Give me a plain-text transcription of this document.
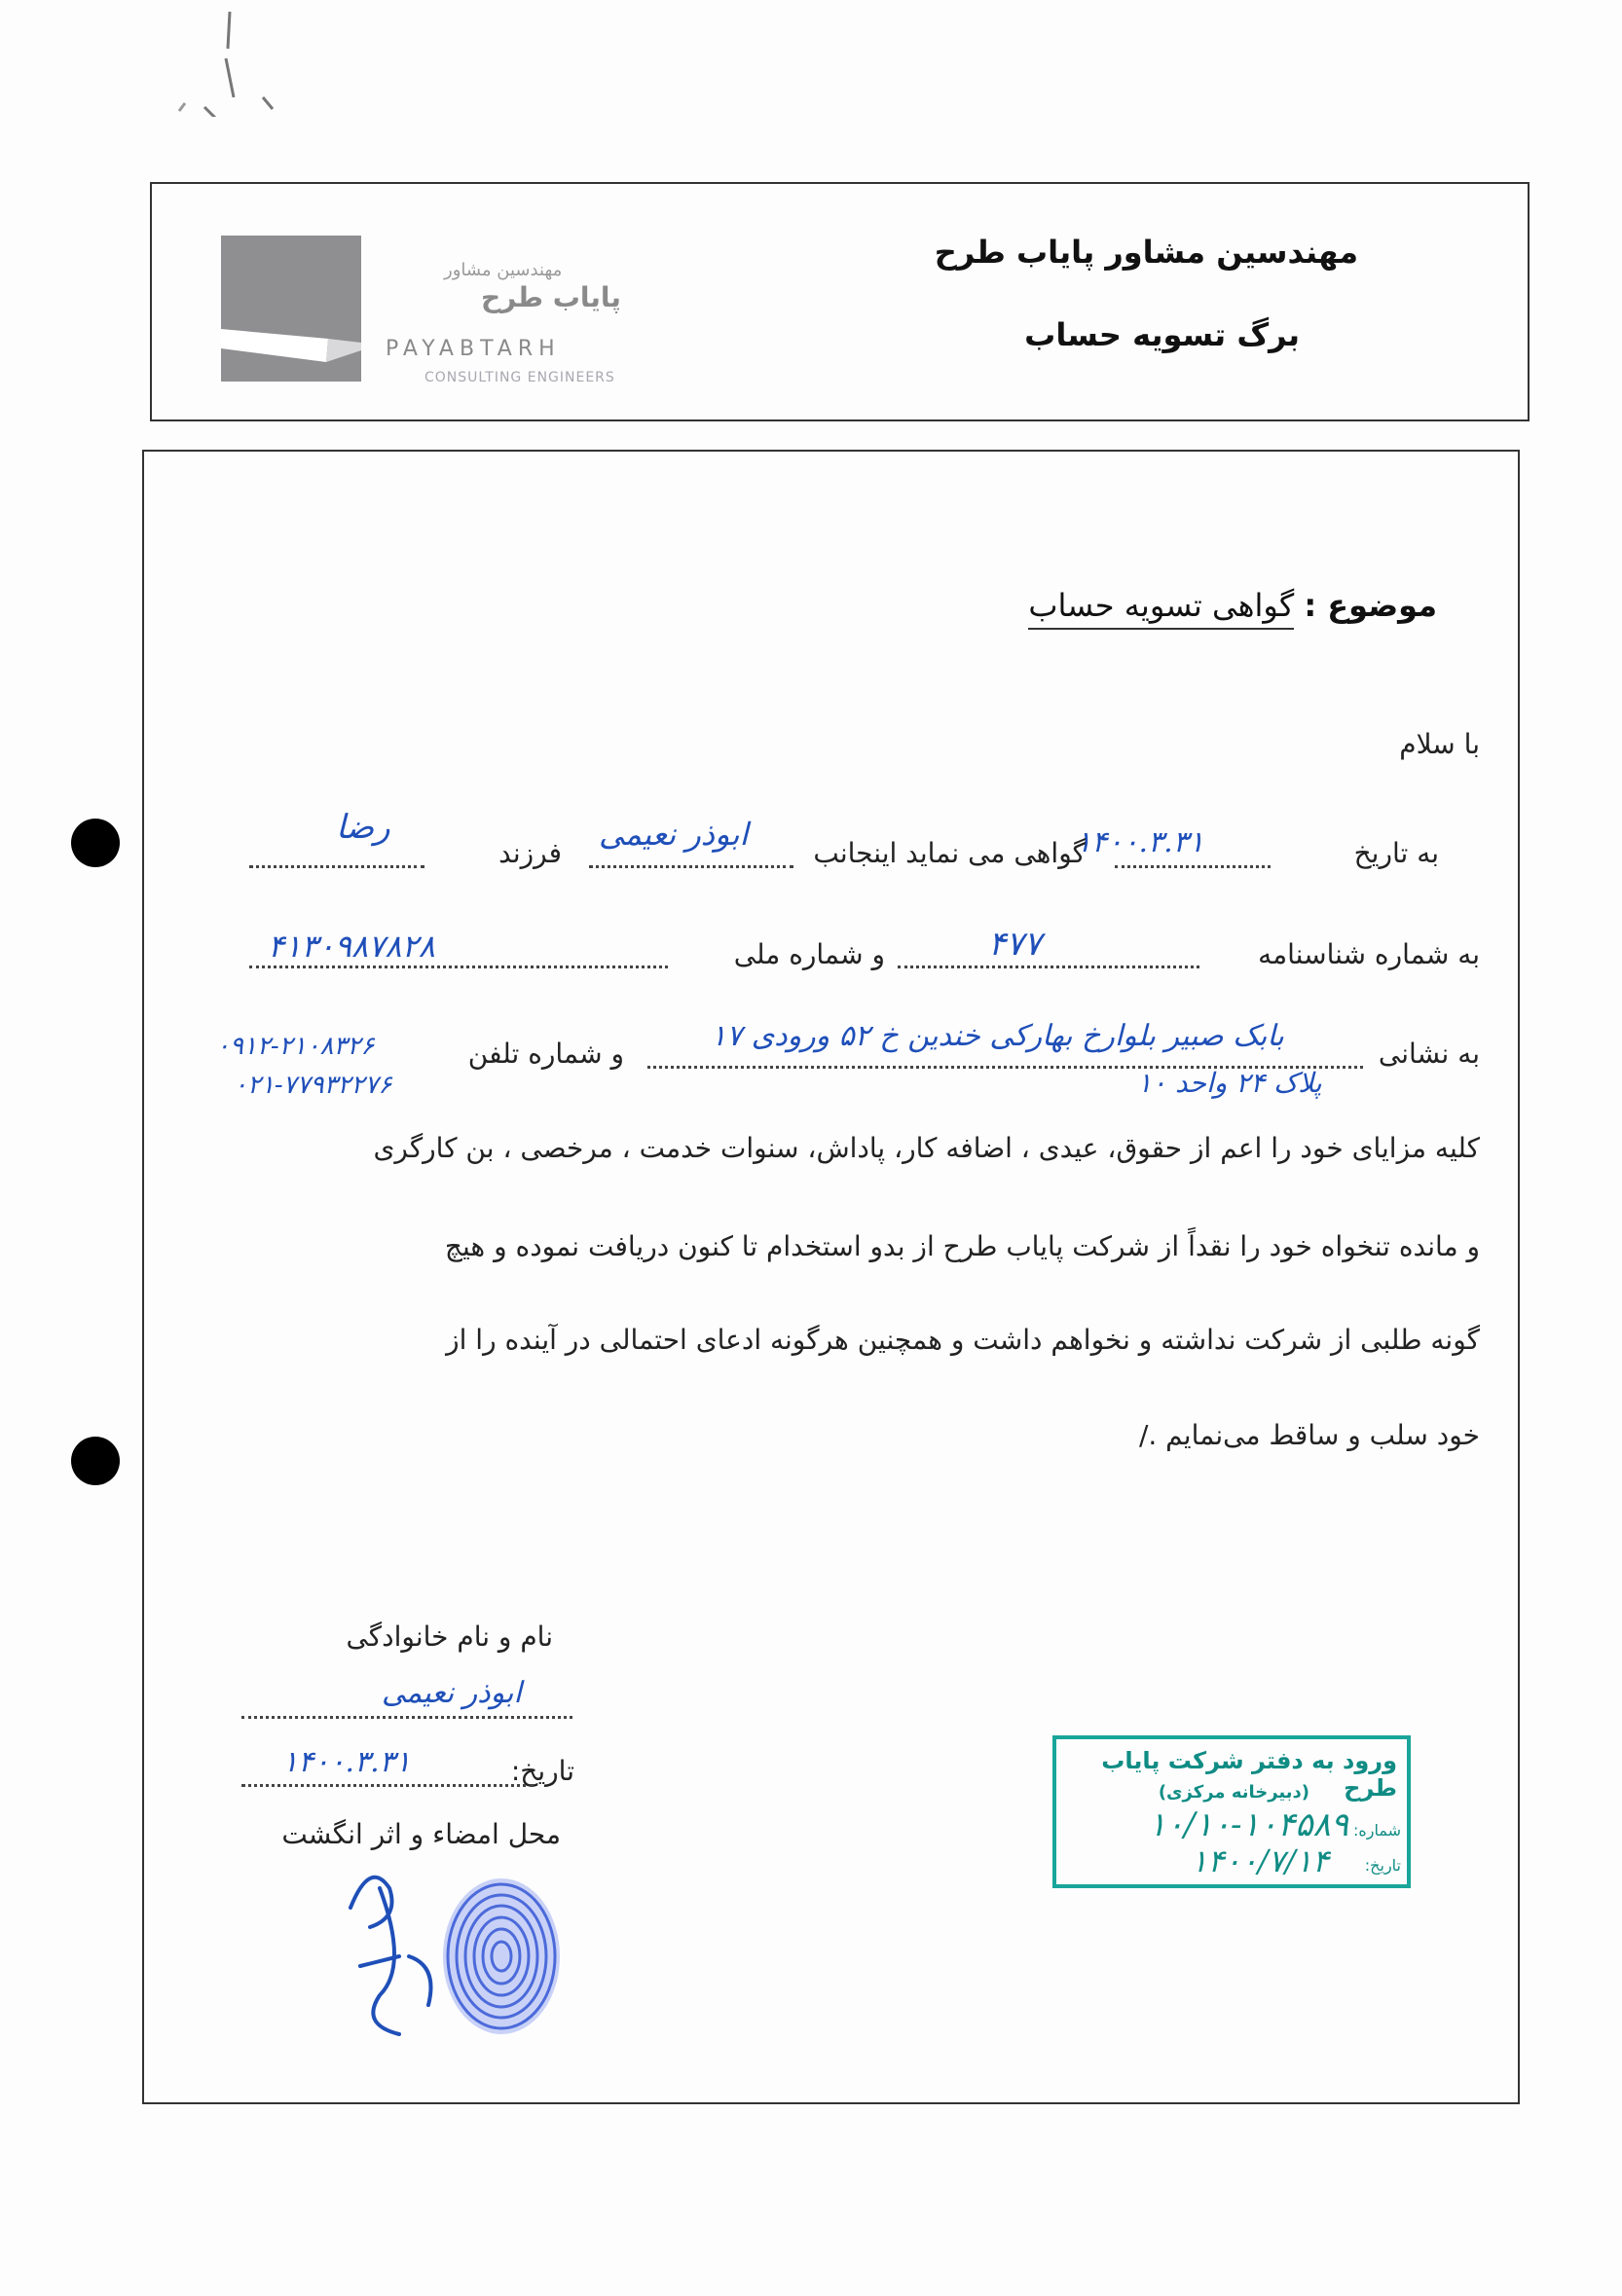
مهندسین مشاور پایاب طرح
برگ تسویه حساب
مهندسین مشاور
پایاب طرح
PAYABTARH
CONSULTING ENGINEERS
موضوع : گواهی تسویه حساب
با سلام
به تاریخ
۱۴۰۰.۳.۳۱
گواهی می نماید اینجانب
ابوذر نعیمی
فرزند
رضا
به شماره شناسنامه
۴۷۷
و شماره ملی
۴۱۳۰۹۸۷۸۲۸
به نشانی
بابک صبیر بلوارخ بهارکی خندین خ ۵۲ ورودی ۱۷
پلاک ۲۴ واحد ۱۰
و شماره تلفن
۰۹۱۲-۲۱۰۸۳۲۶
۰۲۱-۷۷۹۳۲۲۷۶
کلیه مزایای خود را اعم از حقوق، عیدی ، اضافه کار، پاداش، سنوات خدمت ، مرخصی ، بن کارگری
و مانده تنخواه خود را نقداً از شرکت پایاب طرح از بدو استخدام تا کنون دریافت نموده و هیچ
گونه طلبی از شرکت نداشته و نخواهم داشت و همچنین هرگونه ادعای احتمالی در آینده را از
خود سلب و ساقط می‌نمایم ./
نام و نام خانوادگی
ابوذر نعیمی
تاریخ:
۱۴۰۰.۳.۳۱
محل امضاء و اثر انگشت
ورود به دفتر شرکت پایاب طرح
(دبیرخانه مرکزی)
شماره:
۱۰/۱۰-۱۰۴۵۸۹
تاریخ:
۱۴۰۰/۷/۱۴
